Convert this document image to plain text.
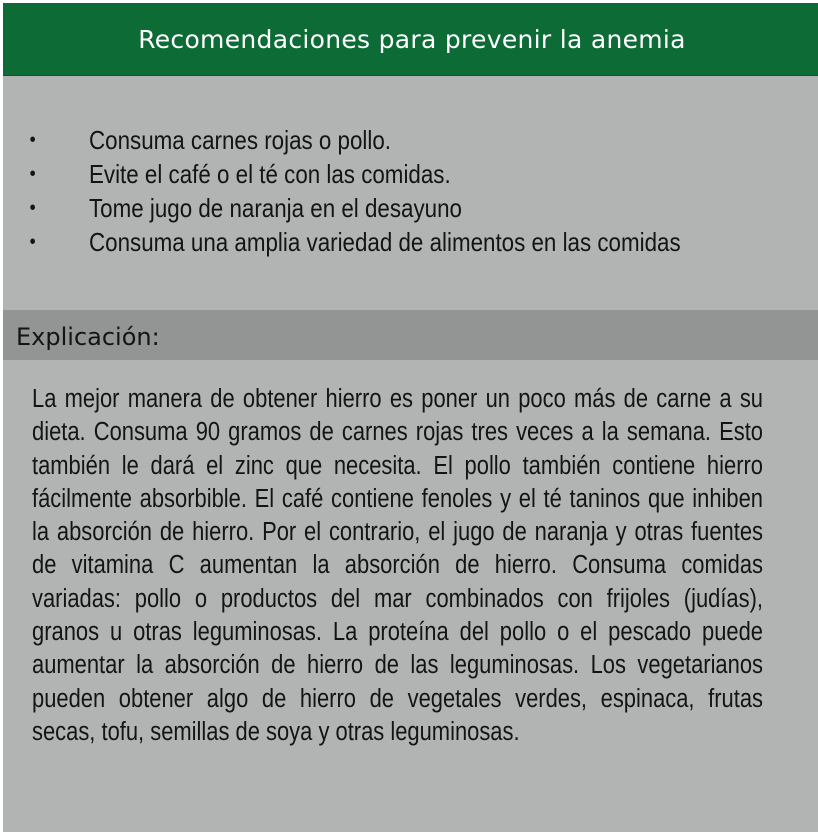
Recomendaciones para prevenir la anemia
• Consuma carnes rojas o pollo.
• Evite el café o el té con las comidas.
• Tome jugo de naranja en el desayuno
• Consuma una amplia variedad de alimentos en las comidas
Explicación:

La mejor manera de obtener hierro es poner un poco más de carne a su dieta. Consuma 90 gramos de carnes rojas tres veces a la semana. Esto también le dará el zinc que necesita. El pollo también contiene hierro fácilmente absorbible. El café contiene fenoles y el té taninos que inhiben la absorción de hierro. Por el contrario, el jugo de naranja y otras fuentes de vitamina C aumentan la absorción de hierro. Consuma comidas variadas: pollo o productos del mar combinados con frijoles (judías), granos u otras leguminosas. La proteína del pollo o el pescado puede aumentar la absorción de hierro de las leguminosas. Los vegetarianos pueden obtener algo de hierro de vegetales verdes, espinaca, frutas secas, tofu, semillas de soya y otras leguminosas.
